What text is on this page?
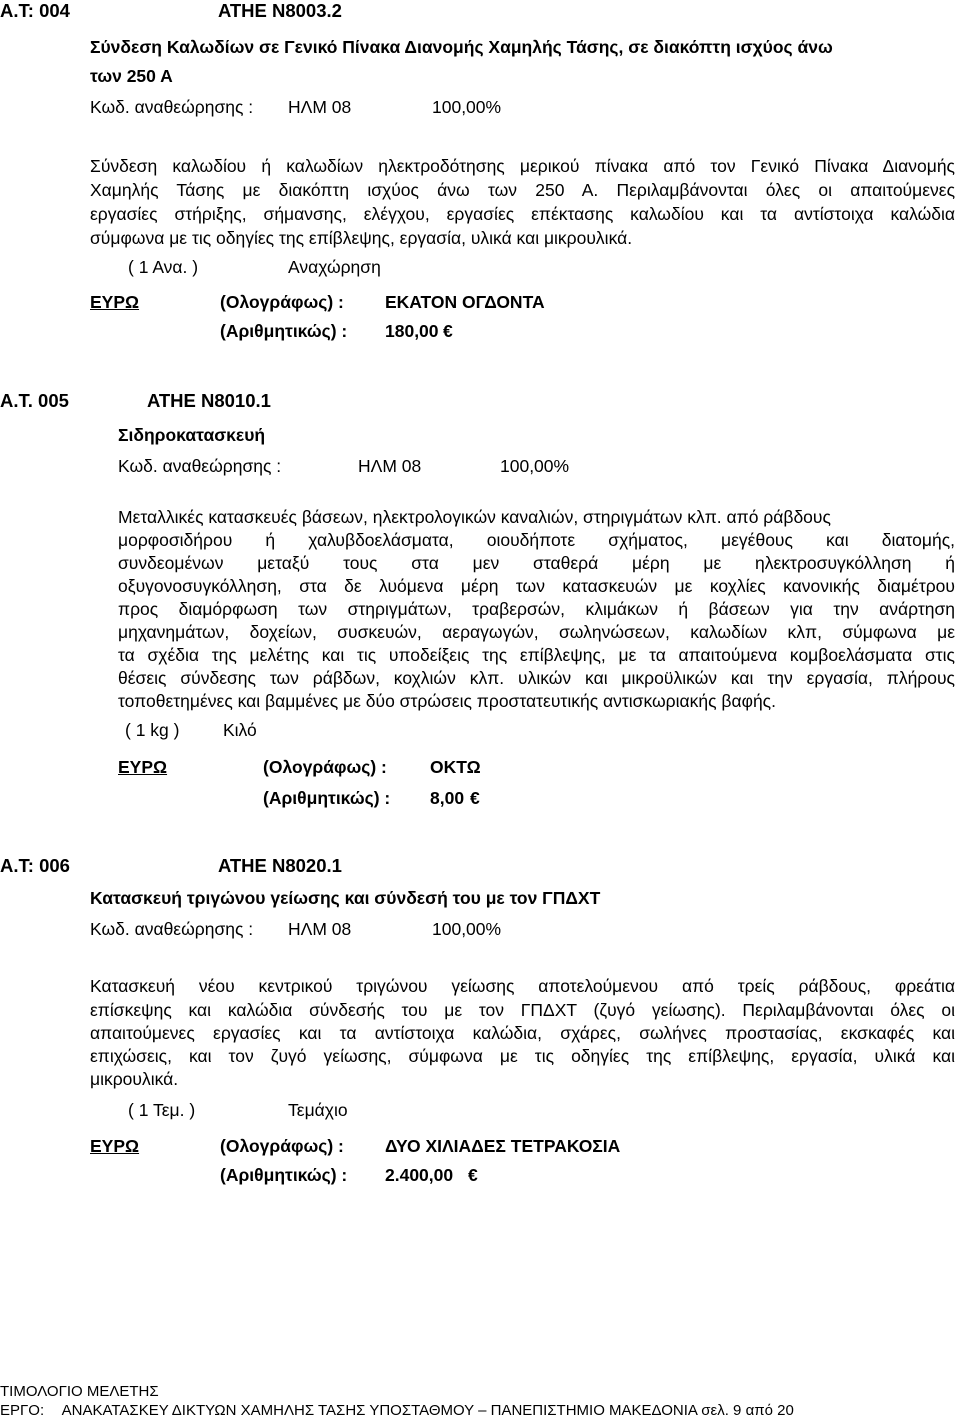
Α.Τ: 004	ΑΤΗΕ Ν8003.2
Σύνδεση Καλωδίων σε Γενικό Πίνακα Διανομής Χαμηλής Τάσης, σε διακόπτη ισχύος άνω
των 250 Α
Κωδ. αναθεώρησης : ΗΛΜ 08	100,00%
Σύνδεση καλωδίου ή καλωδίων ηλεκτροδότησης μερικού πίνακα από τον Γενικό Πίνακα Διανομής
Χαμηλής Τάσης με διακόπτη ισχύος άνω των 250 Α. Περιλαμβάνονται όλες οι απαιτούμενες
εργασίες στήριξης, σήμανσης, ελέγχου, εργασίες επέκτασης καλωδίου και τα αντίστοιχα καλώδια
σύμφωνα με τις οδηγίες της επίβλεψης, εργασία, υλικά και μικρουλικά.
( 1 Ανα. )	Αναχώρηση
ΕΥΡΩ	(Ολογράφως) : ΕΚΑΤΟΝ ΟΓΔΟΝΤΑ
(Αριθμητικώς) : 180,00 €
Α.Τ. 005	ΑΤΗΕ Ν8010.1
Σιδηροκατασκευή
Κωδ. αναθεώρησης :	ΗΛΜ 08	100,00%
Μεταλλικές κατασκευές βάσεων, ηλεκτρολογικών καναλιών, στηριγμάτων κλπ. από ράβδους
μορφοσιδήρου ή χαλυβδοελάσματα, οιουδήποτε σχήματος, μεγέθους και διατομής,
συνδεομένων μεταξύ τους στα μεν σταθερά μέρη με ηλεκτροσυγκόλληση ή
οξυγονοσυγκόλληση, στα δε λυόμενα μέρη των κατασκευών με κοχλίες κανονικής διαμέτρου
προς διαμόρφωση των στηριγμάτων, τραβερσών, κλιμάκων ή βάσεων για την ανάρτηση
μηχανημάτων, δοχείων, συσκευών, αεραγωγών, σωληνώσεων, καλωδίων κλπ, σύμφωνα με
τα σχέδια της μελέτης και τις υποδείξεις της επίβλεψης, με τα απαιτούμενα κομβοελάσματα στις
θέσεις σύνδεσης των ράβδων, κοχλιών κλπ. υλικών και μικροϋλικών και την εργασία, πλήρους
τοποθετημένες και βαμμένες με δύο στρώσεις προστατευτικής αντισκωριακής βαφής.
( 1 kg ) Κιλό
ΕΥΡΩ	(Ολογράφως) : ΟΚΤΩ
(Αριθμητικώς) : 8,00 €
Α.Τ: 006	ΑΤΗΕ Ν8020.1
Κατασκευή τριγώνου γείωσης και σύνδεσή του με τον ΓΠΔΧΤ
Κωδ. αναθεώρησης : ΗΛΜ 08	100,00%
Κατασκευή νέου κεντρικού τριγώνου γείωσης αποτελούμενου από τρείς ράβδους, φρεάτια
επίσκεψης και καλώδια σύνδεσής του με τον ΓΠΔΧΤ (ζυγό γείωσης). Περιλαμβάνονται όλες οι
απαιτούμενες εργασίες και τα αντίστοιχα καλώδια, σχάρες, σωλήνες προστασίας, εκσκαφές και
επιχώσεις, και τον ζυγό γείωσης, σύμφωνα με τις οδηγίες της επίβλεψης, εργασία, υλικά και
μικρουλικά.
( 1 Τεμ. )	Τεμάχιο
ΕΥΡΩ	(Ολογράφως) : ΔΥΟ ΧΙΛΙΑΔΕΣ ΤΕΤΡΑΚΟΣΙΑ
(Αριθμητικώς) : 2.400,00 €
ΤΙΜΟΛΟΓΙΟ ΜΕΛΕΤΗΣ
ΕΡΓΟ: ΑΝΑΚΑΤΑΣΚΕΥ ΔΙΚΤΥΩΝ ΧΑΜΗΛΗΣ ΤΑΣΗΣ ΥΠΟΣΤΑΘΜΟΥ – ΠΑΝΕΠΙΣΤΗΜΙΟ ΜΑΚΕΔΟΝΙΑ σελ. 9 από 20
